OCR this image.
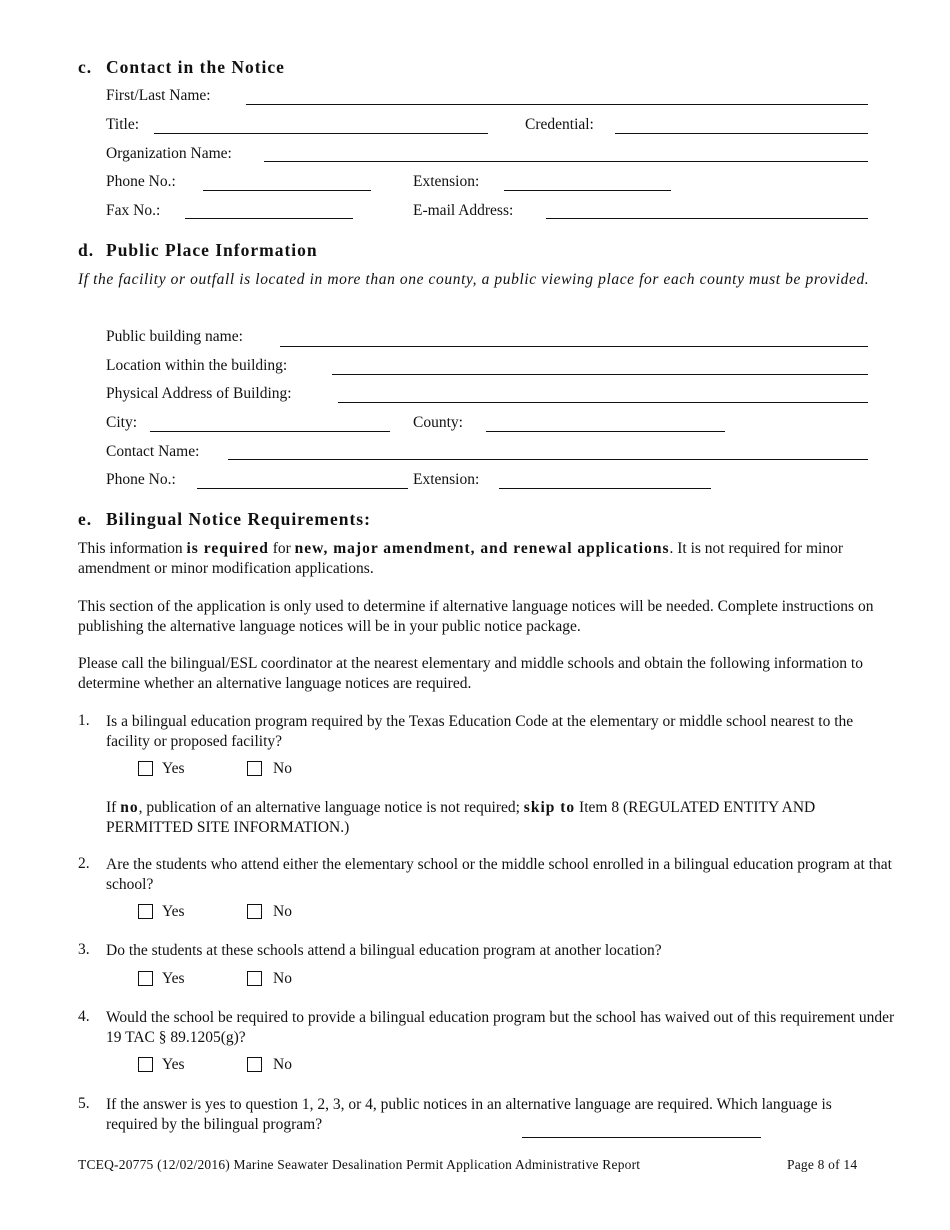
c. Contact in the Notice
First/Last Name:
Title:	Credential:
Organization Name:
Phone No.:	Extension:
Fax No.:	E-mail Address:
d. Public Place Information
If the facility or outfall is located in more than one county, a public viewing place for each county must be provided.
Public building name:
Location within the building:
Physical Address of Building:
City:	County:
Contact Name:
Phone No.:	Extension:
e. Bilingual Notice Requirements:
This information is required for new, major amendment, and renewal applications. It is not required for minor amendment or minor modification applications.
This section of the application is only used to determine if alternative language notices will be needed. Complete instructions on publishing the alternative language notices will be in your public notice package.
Please call the bilingual/ESL coordinator at the nearest elementary and middle schools and obtain the following information to determine whether an alternative language notices are required.
1. Is a bilingual education program required by the Texas Education Code at the elementary or middle school nearest to the facility or proposed facility?
Yes	No
If no, publication of an alternative language notice is not required; skip to Item 8 (REGULATED ENTITY AND PERMITTED SITE INFORMATION.)
2. Are the students who attend either the elementary school or the middle school enrolled in a bilingual education program at that school?
Yes	No
3. Do the students at these schools attend a bilingual education program at another location?
Yes	No
4. Would the school be required to provide a bilingual education program but the school has waived out of this requirement under 19 TAC § 89.1205(g)?
Yes	No
5. If the answer is yes to question 1, 2, 3, or 4, public notices in an alternative language are required. Which language is required by the bilingual program?
TCEQ-20775 (12/02/2016) Marine Seawater Desalination Permit Application Administrative Report	Page 8 of 14
